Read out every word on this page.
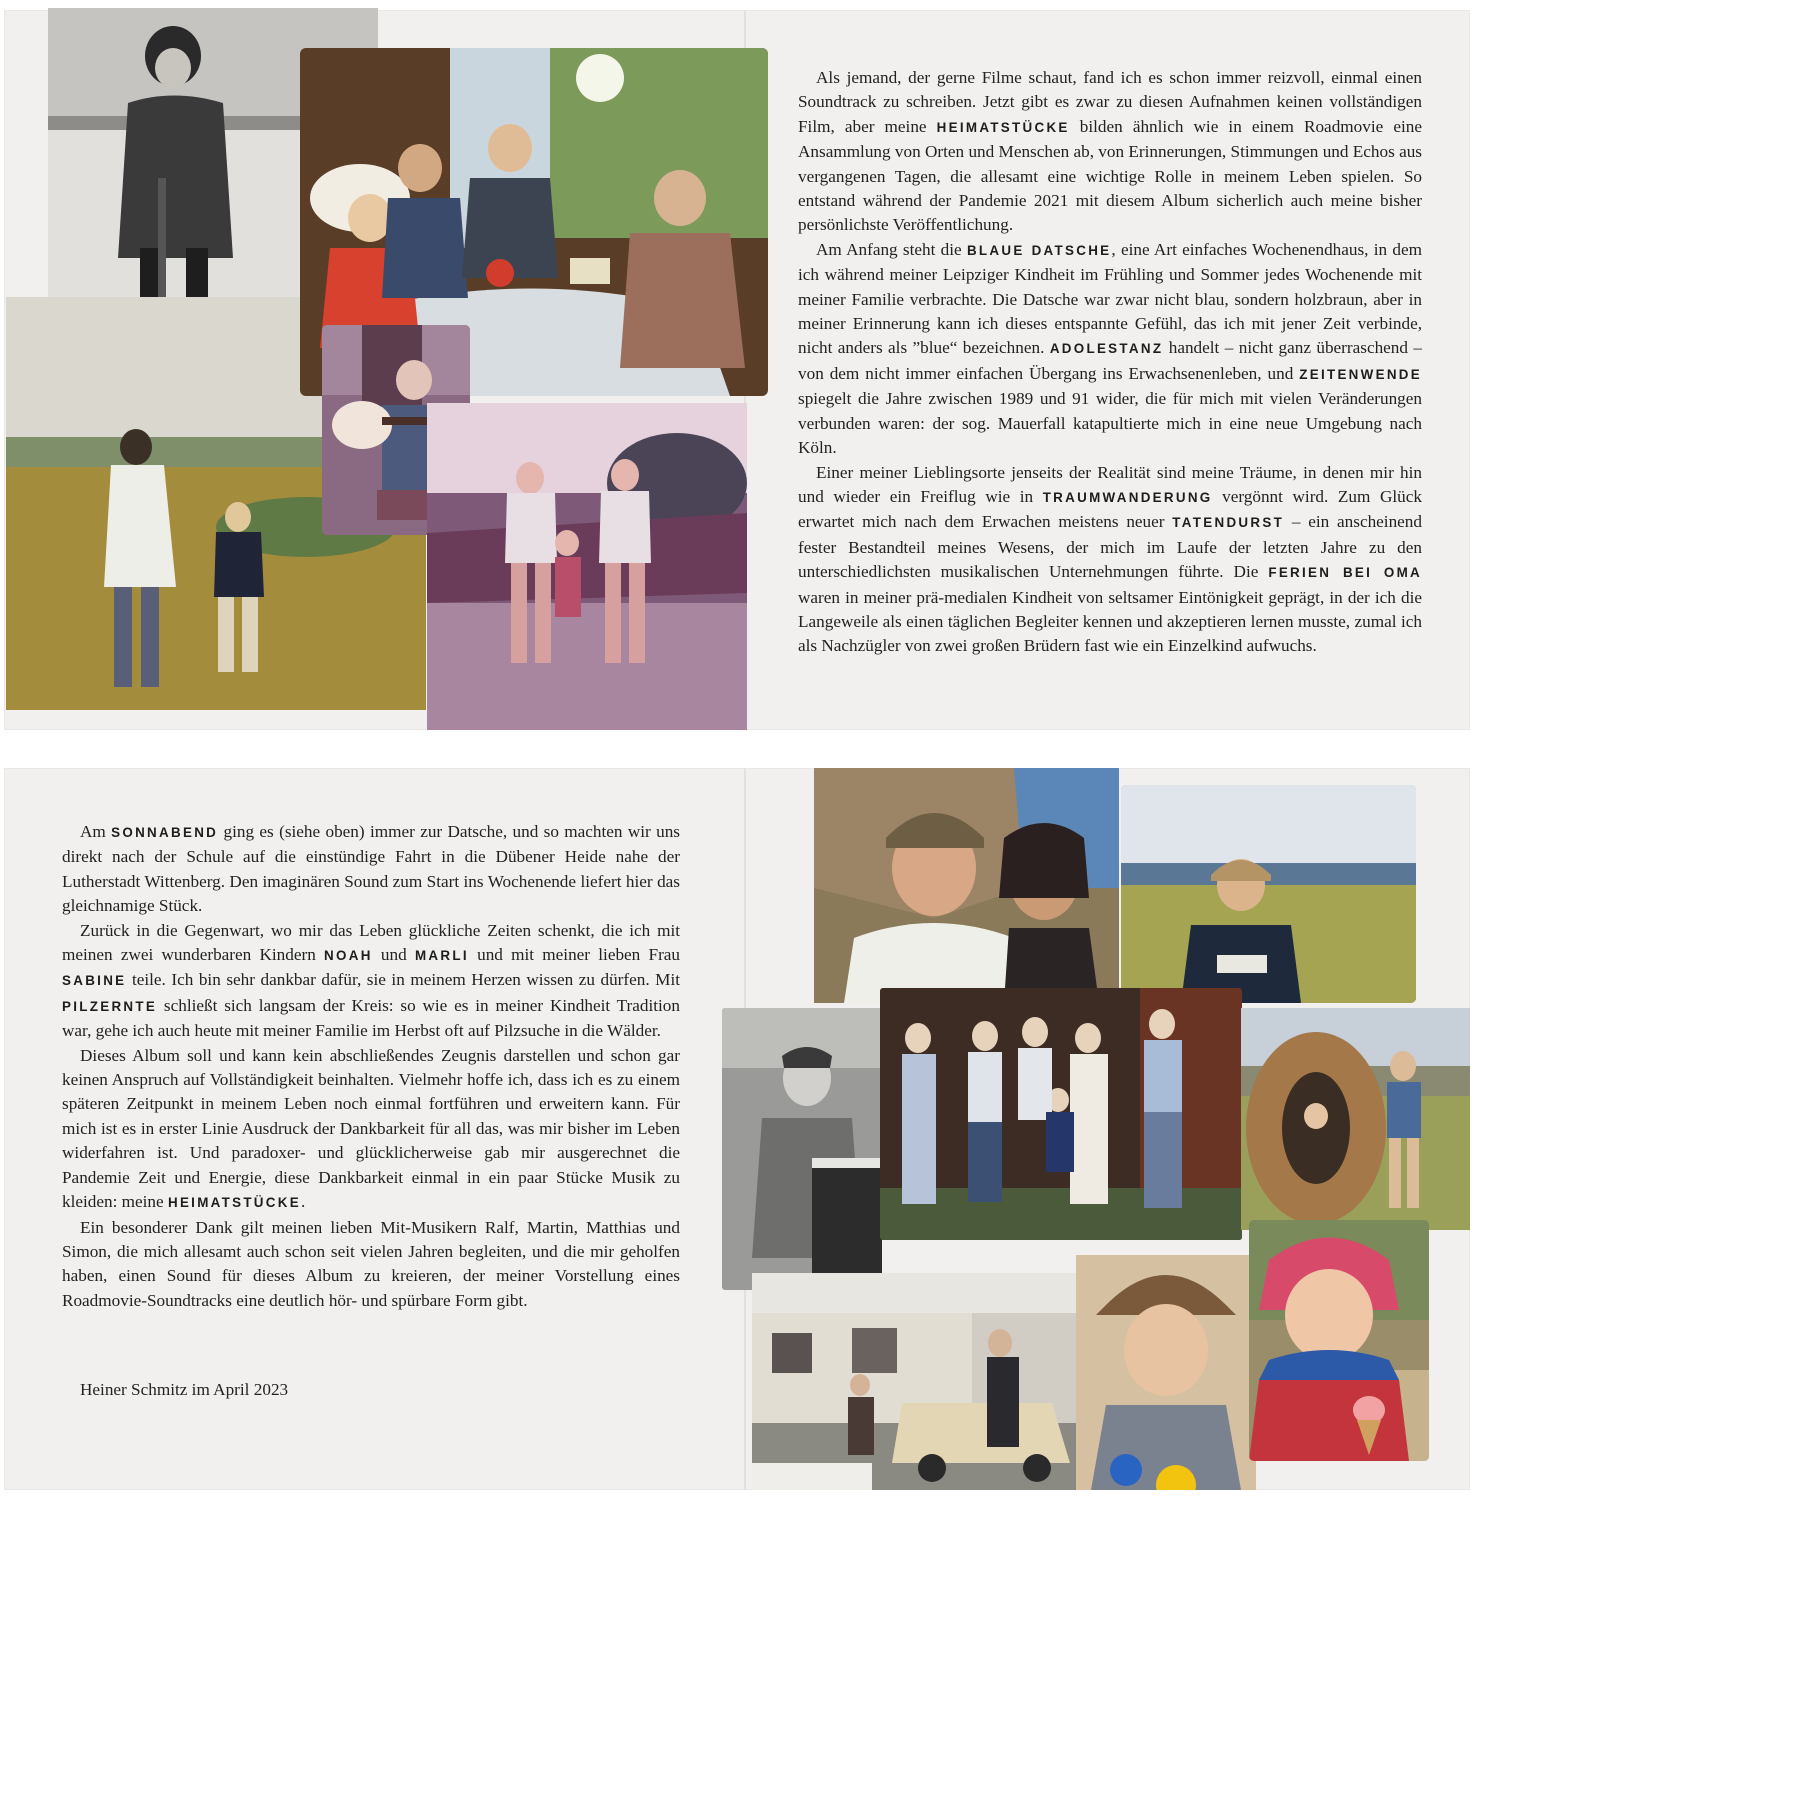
Als jemand, der gerne Filme schaut, fand ich es schon immer reizvoll, einmal einen Soundtrack zu schreiben. Jetzt gibt es zwar zu diesen Aufnahmen keinen vollständigen Film, aber meine HEIMATSTÜCKE bilden ähnlich wie in einem Roadmovie eine Ansammlung von Orten und Menschen ab, von Erinnerungen, Stimmungen und Echos aus vergangenen Tagen, die allesamt eine wichtige Rolle in meinem Leben spielen. So entstand während der Pandemie 2021 mit diesem Album sicherlich auch meine bisher persönlichste Veröffentlichung.

Am Anfang steht die BLAUE DATSCHE, eine Art einfaches Wochenendhaus, in dem ich während meiner Leipziger Kindheit im Frühling und Sommer jedes Wochenende mit meiner Familie verbrachte. Die Datsche war zwar nicht blau, sondern holzbraun, aber in meiner Erinnerung kann ich dieses entspannte Gefühl, das ich mit jener Zeit verbinde, nicht anders als ”blue“ bezeichnen. ADOLESTANZ handelt – nicht ganz überraschend – von dem nicht immer einfachen Übergang ins Erwachsenenleben, und ZEITENWENDE spiegelt die Jahre zwischen 1989 und 91 wider, die für mich mit vielen Veränderungen verbunden waren: der sog. Mauerfall katapultierte mich in eine neue Umgebung nach Köln.

Einer meiner Lieblingsorte jenseits der Realität sind meine Träume, in denen mir hin und wieder ein Freiflug wie in TRAUMWANDERUNG vergönnt wird. Zum Glück erwartet mich nach dem Erwachen meistens neuer TATENDURST – ein anscheinend fester Bestandteil meines Wesens, der mich im Laufe der letzten Jahre zu den unterschiedlichsten musikalischen Unternehmungen führte. Die FERIEN BEI OMA waren in meiner prä-medialen Kindheit von seltsamer Eintönigkeit geprägt, in der ich die Langeweile als einen täglichen Begleiter kennen und akzeptieren lernen musste, zumal ich als Nachzügler von zwei großen Brüdern fast wie ein Einzelkind aufwuchs.

Am SONNABEND ging es (siehe oben) immer zur Datsche, und so machten wir uns direkt nach der Schule auf die einstündige Fahrt in die Dübener Heide nahe der Lutherstadt Wittenberg. Den imaginären Sound zum Start ins Wochenende liefert hier das gleichnamige Stück.

Zurück in die Gegenwart, wo mir das Leben glückliche Zeiten schenkt, die ich mit meinen zwei wunderbaren Kindern NOAH und MARLI und mit meiner lieben Frau SABINE teile. Ich bin sehr dankbar dafür, sie in meinem Herzen wissen zu dürfen. Mit PILZERNTE schließt sich langsam der Kreis: so wie es in meiner Kindheit Tradition war, gehe ich auch heute mit meiner Familie im Herbst oft auf Pilzsuche in die Wälder.

Dieses Album soll und kann kein abschließendes Zeugnis darstellen und schon gar keinen Anspruch auf Vollständigkeit beinhalten. Vielmehr hoffe ich, dass ich es zu einem späteren Zeitpunkt in meinem Leben noch einmal fortführen und erweitern kann. Für mich ist es in erster Linie Ausdruck der Dankbarkeit für all das, was mir bisher im Leben widerfahren ist. Und paradoxer- und glücklicherweise gab mir ausgerechnet die Pandemie Zeit und Energie, diese Dankbarkeit einmal in ein paar Stücke Musik zu kleiden: meine HEIMATSTÜCKE.

Ein besonderer Dank gilt meinen lieben Mit-Musikern Ralf, Martin, Matthias und Simon, die mich allesamt auch schon seit vielen Jahren begleiten, und die mir geholfen haben, einen Sound für dieses Album zu kreieren, der meiner Vorstellung eines Roadmovie-Soundtracks eine deutlich hör- und spürbare Form gibt.

Heiner Schmitz im April 2023
